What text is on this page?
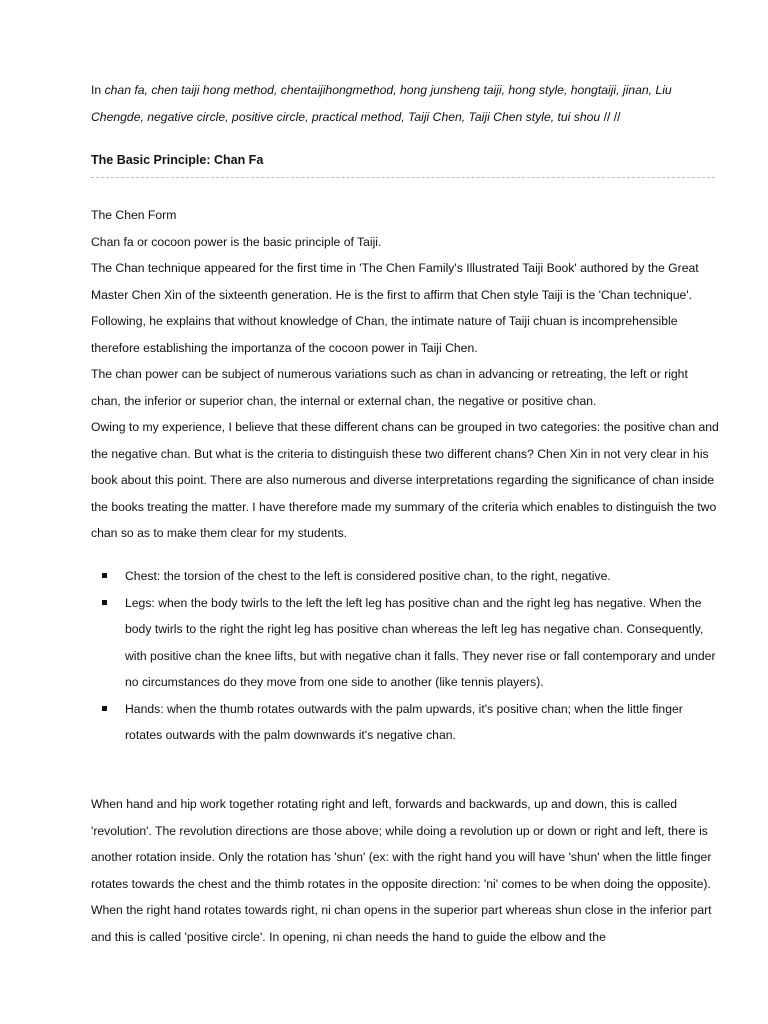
In chan fa, chen taiji hong method, chentaijihongmethod, hong junsheng taiji, hong style, hongtaiji, jinan, Liu Chengde, negative circle, positive circle, practical method, Taiji Chen, Taiji Chen style, tui shou // //
The Basic Principle: Chan Fa

The Chen Form

Chan fa or cocoon power is the basic principle of Taiji.

The Chan technique appeared for the first time in 'The Chen Family's Illustrated Taiji Book' authored by the Great Master Chen Xin of the sixteenth generation. He is the first to affirm that Chen style Taiji is the 'Chan technique'. Following, he explains that without knowledge of Chan, the intimate nature of Taiji chuan is incomprehensible therefore establishing the importanza of the cocoon power in Taiji Chen.

The chan power can be subject of numerous variations such as chan in advancing or retreating, the left or right chan, the inferior or superior chan, the internal or external chan, the negative or positive chan.

Owing to my experience, I believe that these different chans can be grouped in two categories: the positive chan and the negative chan. But what is the criteria to distinguish these two different chans? Chen Xin in not very clear in his book about this point. There are also numerous and diverse interpretations regarding the significance of chan inside the books treating the matter. I have therefore made my summary of the criteria which enables to distinguish the two chan so as to make them clear for my students.

Chest: the torsion of the chest to the left is considered positive chan, to the right, negative.
Legs: when the body twirls to the left the left leg has positive chan and the right leg has negative. When the body twirls to the right the right leg has positive chan whereas the left leg has negative chan. Consequently, with positive chan the knee lifts, but with negative chan it falls. They never rise or fall contemporary and under no circumstances do they move from one side to another (like tennis players).
Hands: when the thumb rotates outwards with the palm upwards, it's positive chan; when the little finger rotates outwards with the palm downwards it's negative chan.

When hand and hip work together rotating right and left, forwards and backwards, up and down, this is called 'revolution'. The revolution directions are those above; while doing a revolution up or down or right and left, there is another rotation inside. Only the rotation has 'shun' (ex: with the right hand you will have 'shun' when the little finger rotates towards the chest and the thimb rotates in the opposite direction: 'ni' comes to be when doing the opposite).

When the right hand rotates towards right, ni chan opens in the superior part whereas shun close in the inferior part and this is called 'positive circle'. In opening, ni chan needs the hand to guide the elbow and the
